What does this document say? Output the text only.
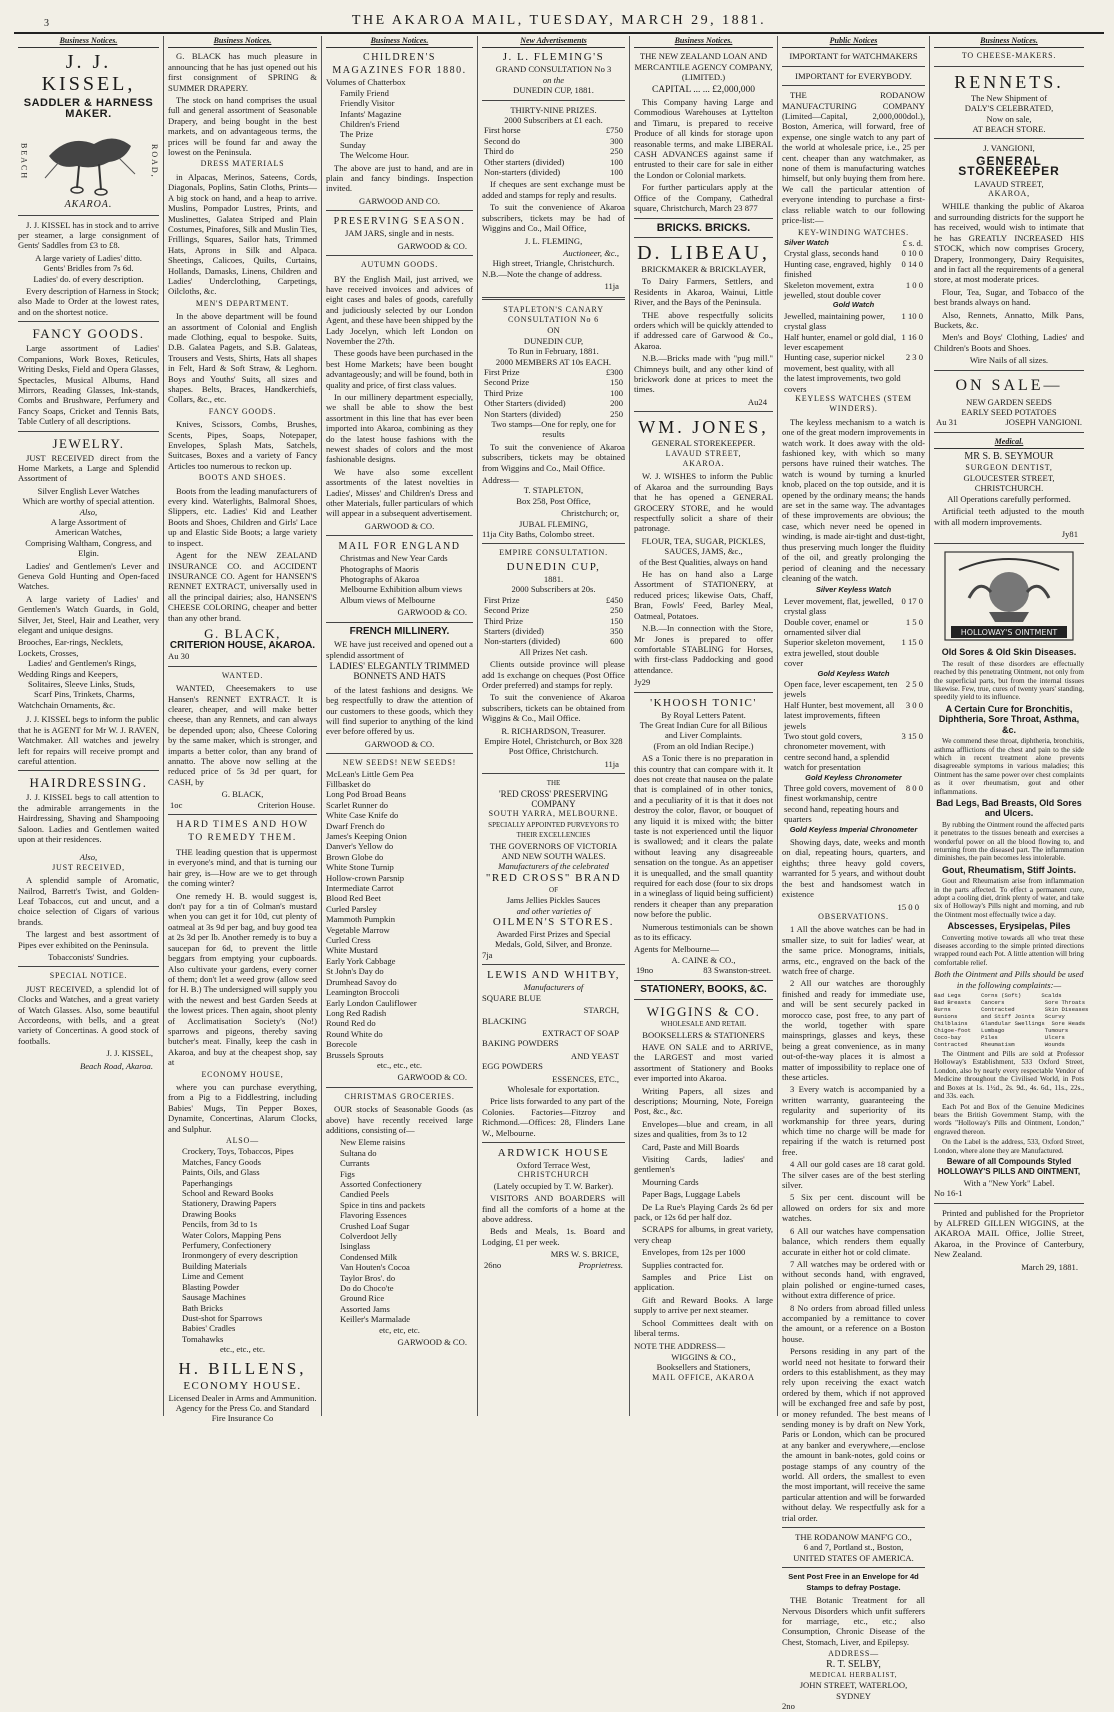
3	THE AKAROA MAIL, TUESDAY, MARCH 29, 1881.
Business Notices.
J. J. KISSEL,
SADDLER & HARNESS MAKER.
BEACH	ROAD,
AKAROA.

J. J. KISSEL has in stock and to arrive per steamer, a large consignment of Gents' Saddles from £3 to £8.

A large variety of Ladies' ditto.

Gents' Bridles from 7s 6d.

Ladies' do. of every description.

Every description of Harness in Stock; also Made to Order at the lowest rates, and on the shortest notice.

FANCY GOODS.

Large assortment of Ladies' Companions, Work Boxes, Reticules, Writing Desks, Field and Opera Glasses, Spectacles, Musical Albums, Hand Mirrors, Reading Glasses, Ink-stands, Combs and Brushware, Perfumery and Fancy Soaps, Cricket and Tennis Bats, Table Cutlery of all descriptions.

JEWELRY.

JUST RECEIVED direct from the Home Markets, a Large and Splendid Assortment of

Silver English Lever Watches

Which are worthy of special attention.

Also,

A large Assortment of

American Watches,

Comprising Waltham, Congress, and Elgin.

Ladies' and Gentlemen's Lever and Geneva Gold Hunting and Open-faced Watches.

A large variety of Ladies' and Gentlemen's Watch Guards, in Gold, Silver, Jet, Steel, Hair and Leather, very elegant and unique designs.

Brooches, Ear-rings, Necklets,

Lockets, Crosses,

Ladies' and Gentlemen's Rings,

Wedding Rings and Keepers,

Solitaires, Sleeve Links, Studs,

Scarf Pins, Trinkets, Charms,

Watchchain Ornaments, &c.

J. J. KISSEL begs to inform the public that he is AGENT for Mr W. J. RAVEN, Watchmaker. All watches and jewelry left for repairs will receive prompt and careful attention.

HAIRDRESSING.

J. J. KISSEL begs to call attention to the admirable arrangements in the Hairdressing, Shaving and Shampooing Saloon. Ladies and Gentlemen waited upon at their residences.

Also,

JUST RECEIVED,

A splendid sample of Aromatic, Nailrod, Barrett's Twist, and Golden-Leaf Tobaccos, cut and uncut, and a choice selection of Cigars of various brands.

The largest and best assortment of Pipes ever exhibited on the Peninsula.

Tobacconists' Sundries.

SPECIAL NOTICE.

JUST RECEIVED, a splendid lot of Clocks and Watches, and a great variety of Watch Glasses. Also, some beautiful Accordeons, with bells, and a great variety of Concertinas. A good stock of footballs.

J. J. KISSEL,

Beach Road, Akaroa.

Business Notices.

G. BLACK has much pleasure in announcing that he has just opened out his first consignment of SPRING & SUMMER DRAPERY.

The stock on hand comprises the usual full and general assortment of Seasonable Drapery, and being bought in the best markets, and on advantageous terms, the prices will be found far and away the lowest on the Peninsula.

DRESS MATERIALS

in Alpacas, Merinos, Sateens, Cords, Diagonals, Poplins, Satin Cloths, Prints—A big stock on hand, and a heap to arrive. Muslins, Pompador Lustres, Prints, and Muslinettes, Galatea Striped and Plain Costumes, Pinafores, Silk and Muslin Ties, Frillings, Squares, Sailor hats, Trimmed Hats, Aprons in Silk and Alpaca. Sheetings, Calicoes, Quilts, Curtains, Hollands, Damasks, Linens, Children and Ladies' Underclothing, Carpetings, Oilcloths, &c.

MEN'S DEPARTMENT.

In the above department will be found an assortment of Colonial and English made Clothing, equal to bespoke. Suits, D.B. Galatea Pagets, and S.B. Galateas, Trousers and Vests, Shirts, Hats all shapes in Felt, Hard & Soft Straw, & Leghorn. Boys and Youths' Suits, all sizes and shapes. Belts, Braces, Handkerchiefs, Collars, &c., etc.

FANCY GOODS.

Knives, Scissors, Combs, Brushes, Scents, Pipes, Soaps, Notepaper, Envelopes, Splash Mats, Satchels, Suitcases, Boxes and a variety of Fancy Articles too numerous to reckon up.

BOOTS AND SHOES.

Boots from the leading manufacturers of every kind. Waterlights, Balmoral Shoes, Slippers, etc. Ladies' Kid and Leather Boots and Shoes, Children and Girls' Lace up and Elastic Side Boots; a large variety to inspect.

Agent for the NEW ZEALAND INSURANCE CO. and ACCIDENT INSURANCE CO. Agent for HANSEN'S RENNET EXTRACT, universally used in all the principal dairies; also, HANSEN'S CHEESE COLORING, cheaper and better than any other brand.

G. BLACK,
CRITERION HOUSE, AKAROA.

Au 30

WANTED.

WANTED, Cheesemakers to use Hansen's RENNET EXTRACT. It is clearer, cheaper, and will make better cheese, than any Rennets, and can always be depended upon; also, Cheese Coloring by the same maker, which is stronger, and imparts a better color, than any brand of annatto. The above now selling at the reduced price of 5s 3d per quart, for CASH, by

G. BLACK,

1oc	Criterion House.
HARD TIMES AND HOW TO REMEDY THEM.

THE leading question that is uppermost in everyone's mind, and that is turning our hair grey, is—How are we to get through the coming winter?

One remedy H. B. would suggest is, don't pay for a tin of Colman's mustard when you can get it for 10d, cut plenty of oatmeal at 3s 9d per bag, and buy good tea at 2s 3d per lb. Another remedy is to buy a saucepan for 6d, to prevent the little beggars from emptying your cupboards. Also cultivate your gardens, every corner of them; don't let a weed grow (allow seed for H. B.) The undersigned will supply you with the newest and best Garden Seeds at the lowest prices. Then again, shoot plenty of Acclimatisation Society's (No!) sparrows and pigeons, thereby saving butcher's meat. Finally, keep the cash in Akaroa, and buy at the cheapest shop, say at

ECONOMY HOUSE,

where you can purchase everything, from a Pig to a Fiddlestring, including Babies' Mugs, Tin Pepper Boxes, Dynamite, Concertinas, Alarum Clocks, and Sulphur.

ALSO—

Crockery, Toys, Tobaccos, Pipes
Matches, Fancy Goods
Paints, Oils, and Glass
Paperhangings
School and Reward Books
Stationery, Drawing Papers
Drawing Books
Pencils, from 3d to 1s
Water Colors, Mapping Pens
Perfumery, Confectionery
Ironmongery of every description
Building Materials
Lime and Cement
Blasting Powder
Sausage Machines
Bath Bricks
Dust-shot for Sparrows
Babies' Cradles
Tomahawks

etc., etc., etc.

H. BILLENS,
ECONOMY HOUSE.

Licensed Dealer in Arms and Ammunition.

Agency for the Press Co. and Standard Fire Insurance Co

Business Notices.
CHILDREN'S MAGAZINES FOR 1880.

Volumes of Chatterbox

Family Friend
Friendly Visitor
Infants' Magazine
Children's Friend
The Prize
Sunday
The Welcome Hour.

The above are just to hand, and are in plain and fancy bindings. Inspection invited.

GARWOOD AND CO.

PRESERVING SEASON.

JAM JARS, single and in nests.

GARWOOD & CO.

AUTUMN GOODS.

BY the English Mail, just arrived, we have received invoices and advices of eight cases and bales of goods, carefully and judiciously selected by our London Agent, and these have been shipped by the Lady Jocelyn, which left London on November the 27th.

These goods have been purchased in the best Home Markets; have been bought advantageously; and will be found, both in quality and price, of first class values.

In our millinery department especially, we shall be able to show the best assortment in this line that has ever been imported into Akaroa, combining as they do the latest house fashions with the newest shades of colors and the most fashionable designs.

We have also some excellent assortments of the latest novelties in Ladies', Misses' and Children's Dress and other Materials, fuller particulars of which will appear in a subsequent advertisement.

GARWOOD & CO.

MAIL FOR ENGLAND
Christmas and New Year Cards
Photographs of Maoris
Photographs of Akaroa
Melbourne Exhibition album views
Album views of Melbourne

GARWOOD & CO.

FRENCH MILLINERY.

WE have just received and opened out a splendid assortment of

LADIES' ELEGANTLY TRIMMED BONNETS AND HATS

of the latest fashions and designs. We beg respectfully to draw the attention of our customers to these goods, which they will find superior to anything of the kind ever before offered by us.

GARWOOD & CO.

NEW SEEDS! NEW SEEDS!
McLean's Little Gem Pea
Fillbasket do
Long Pod Broad Beans
Scarlet Runner do
White Case Knife do
Dwarf French do
James's Keeping Onion
Danver's Yellow do
Brown Globe do
White Stone Turnip
Hollow-crown Parsnip
Intermediate Carrot
Blood Red Beet
Curled Parsley
Mammoth Pumpkin
Vegetable Marrow
Curled Cress
White Mustard
Early York Cabbage
St John's Day do
Drumhead Savoy do
Leamington Broccoli
Early London Cauliflower
Long Red Radish
Round Red do
Round White do
Borecole
Brussels Sprouts

etc., etc., etc.

GARWOOD & CO.

CHRISTMAS GROCERIES.

OUR stocks of Seasonable Goods (as above) have recently received large additions, consisting of—

New Eleme raisins
Sultana do
Currants
Figs
Assorted Confectionery
Candied Peels
Spice in tins and packets
Flavoring Essences
Crushed Loaf Sugar
Colverdoot Jelly
Isinglass
Condensed Milk
Van Houten's Cocoa
Taylor Bros'. do
Do do Choco'te
Ground Rice
Assorted Jams
Keiller's Marmalade

etc, etc, etc.

GARWOOD & CO.

New Advertisements
J. L. FLEMING'S

GRAND CONSULTATION No 3

on the

DUNEDIN CUP, 1881.

THIRTY-NINE PRIZES.

2000 Subscribers at £1 each.

First horse	£750
Second do	300
Third do	250
Other starters (divided)	100
Non-starters (divided)	100

If cheques are sent exchange must be added and stamps for reply and results.

To suit the convenience of Akaroa subscribers, tickets may be had of Wiggins and Co., Mail Office,

J. L. FLEMING,

Auctioneer, &c.,

High street, Triangle, Christchurch.

N.B.—Note the change of address.

11ja

STAPLETON'S CANARY CONSULTATION No 6

ON

DUNEDIN CUP,

To Run in February, 1881.

2000 MEMBERS AT 10s EACH.

First Prize	£300
Second Prize	150
Third Prize	100
Other Starters (divided)	200
Non Starters (divided)	250

Two stamps—One for reply, one for results

To suit the convenience of Akaroa subscribers, tickets may be obtained from Wiggins and Co., Mail Office.

Address—

T. STAPLETON,

Box 258, Post Office,

Christchurch; or,

JUBAL FLEMING,

11ja City Baths, Colombo street.

EMPIRE CONSULTATION.
DUNEDIN CUP,

1881.

2000 Subscribers at 20s.

First Prize	£450
Second Prize	250
Third Prize	150
Starters (divided)	350
Non-starters (divided)	600

All Prizes Net cash.

Clients outside province will please add 1s exchange on cheques (Post Office Order preferred) and stamps for reply.

To suit the convenience of Akaroa subscribers, tickets can be obtained from Wiggins & Co., Mail Office.

R. RICHARDSON, Treasurer.

Empire Hotel, Christchurch, or Box 328 Post Office, Christchurch.

11ja

THE

'RED CROSS' PRESERVING COMPANY

SOUTH YARRA, MELBOURNE.

SPECIALLY APPOINTED PURVEYORS TO THEIR EXCELLENCIES

THE GOVERNORS OF VICTORIA AND NEW SOUTH WALES.

Manufacturers of the celebrated

"RED CROSS" BRAND

OF

Jams Jellies Pickles Sauces

and other varieties of

OILMEN'S STORES.

Awarded First Prizes and Special Medals, Gold, Silver, and Bronze.

7ja

LEWIS AND WHITBY,

Manufacturers of

SQUARE BLUE

STARCH,

BLACKING

EXTRACT OF SOAP

BAKING POWDERS

AND YEAST

EGG POWDERS

ESSENCES, ETC.,

Wholesale for exportation.

Price lists forwarded to any part of the Colonies. Factories—Fitzroy and Richmond.—Offices: 28, Flinders Lane W., Melbourne.

ARDWICK HOUSE

Oxford Terrace West,

CHRISTCHURCH

(Lately occupied by T. W. Barker).

VISITORS AND BOARDERS will find all the comforts of a home at the above address.

Beds and Meals, 1s. Board and Lodging, £1 per week.

MRS W. S. BRICE,

26no	Proprietress.
Business Notices.

THE NEW ZEALAND LOAN AND MERCANTILE AGENCY COMPANY,

(LIMITED.)

CAPITAL ... ... £2,000,000

This Company having Large and Commodious Warehouses at Lyttelton and Timaru, is prepared to receive Produce of all kinds for storage upon reasonable terms, and make LIBERAL CASH ADVANCES against same if entrusted to their care for sale in either the London or Colonial markets.

For further particulars apply at the Office of the Company, Cathedral square, Christchurch, March 23 877

BRICKS. BRICKS.
D. LIBEAU,

BRICKMAKER & BRICKLAYER,

To Dairy Farmers, Settlers, and Residents in Akaroa, Wainui, Little River, and the Bays of the Peninsula.

THE above respectfully solicits orders which will be quickly attended to if addressed care of Garwood & Co., Akaroa.

N.B.—Bricks made with "pug mill." Chimneys built, and any other kind of brickwork done at prices to meet the times.

Au24

WM. JONES,

GENERAL STOREKEEPER.

LAVAUD STREET,

AKAROA.

W. J. WISHES to inform the Public of Akaroa and the surrounding Bays that he has opened a GENERAL GROCERY STORE, and he would respectfully solicit a share of their patronage.

FLOUR, TEA, SUGAR, PICKLES, SAUCES, JAMS, &c.,

of the Best Qualities, always on hand

He has on hand also a Large Assortment of STATIONERY, at reduced prices; likewise Oats, Chaff, Bran, Fowls' Feed, Barley Meal, Oatmeal, Potatoes.

N.B.—In connection with the Store, Mr Jones is prepared to offer comfortable STABLING for Horses, with first-class Paddocking and good attendance.

Jy29

'KHOOSH TONIC'

By Royal Letters Patent.

The Great Indian Cure for all Bilious and Liver Complaints.

(From an old Indian Recipe.)

AS a Tonic there is no preparation in this country that can compare with it. It does not create that nausea on the palate that is complained of in other tonics, and a peculiarity of it is that it does not destroy the color, flavor, or bouquet of any liquid it is mixed with; the bitter taste is not experienced until the liquor is swallowed; and it clears the palate without leaving any disagreeable sensation on the tongue. As an appetiser it is unequalled, and the small quantity required for each dose (four to six drops in a wineglass of liquid being sufficient) renders it cheaper than any preparation now before the public.

Numerous testimonials can be shown as to its efficacy.

Agents for Melbourne—

A. CAINE & CO.,

19no	83 Swanston-street.
STATIONERY, BOOKS, &C.
WIGGINS & CO.

WHOLESALE AND RETAIL

BOOKSELLERS & STATIONERS

HAVE ON SALE and to ARRIVE, the LARGEST and most varied assortment of Stationery and Books ever imported into Akaroa.

Writing Papers, all sizes and descriptions; Mourning, Note, Foreign Post, &c., &c.
Envelopes—blue and cream, in all sizes and qualities, from 3s to 12
Card, Paste and Mill Boards
Visiting Cards, ladies' and gentlemen's
Mourning Cards
Paper Bags, Luggage Labels
De La Rue's Playing Cards 2s 6d per pack, or 12s 6d per half doz.
SCRAPS for albums, in great variety, very cheap
Envelopes, from 12s per 1000
Supplies contracted for.
Samples and Price List on application.
Gift and Reward Books. A large supply to arrive per next steamer.
School Committees dealt with on liberal terms.

NOTE THE ADDRESS—

WIGGINS & CO.,

Booksellers and Stationers,

MAIL OFFICE, AKAROA

Public Notices

IMPORTANT for WATCHMAKERS

IMPORTANT for EVERYBODY.

THE RODANOW MANUFACTURING COMPANY (Limited—Capital, 2,000,000dol.), Boston, America, will forward, free of expense, one single watch to any part of the world at wholesale price, i.e., 25 per cent. cheaper than any watchmaker, as none of them is manufacturing watches himself, but only buying them from here. We call the particular attention of everyone intending to purchase a first-class reliable watch to our following price-list:—

KEY-WINDING WATCHES.

Silver Watch	£ s. d.
Crystal glass, seconds hand	0 10 0
Hunting case, engraved, highly finished
0 14 0
Skeleton movement, extra jewelled, stout double cover
1 0 0

Gold Watch

Jewelled, maintaining power, crystal glass
1 10 0
Half hunter, enamel or gold dial, lever escapement
1 16 0
Hunting case, superior nickel movement, best quality, with all the latest improvements, two gold covers
2 3 0

KEYLESS WATCHES (STEM WINDERS).

The keyless mechanism to a watch is one of the great modern improvements in watch work. It does away with the old-fashioned key, with which so many persons have ruined their watches. The watch is wound by turning a knurled knob, placed on the top outside, and it is opened by the ordinary means; the hands are set in the same way. The advantages of these improvements are obvious; the case, which never need be opened in winding, is made air-tight and dust-tight, thus preserving much longer the fluidity of the oil, and greatly prolonging the period of cleaning and the necessary cleaning of the watch.

Silver Keyless Watch

Lever movement, flat, jewelled, crystal glass
0 17 0
Double cover, enamel or ornamented silver dial
1 5 0
Superior skeleton movement, extra jewelled, stout double cover
1 15 0

Gold Keyless Watch

Open face, lever escapement, ten jewels
2 5 0
Half Hunter, best movement, all latest improvements, fifteen jewels
3 0 0
Two stout gold covers, chronometer movement, with centre second hand, a splendid watch for presentation
3 15 0

Gold Keyless Chronometer

Three gold covers, movement of finest workmanship, centre second hand, repeating hours and quarters
8 0 0

Gold Keyless Imperial Chronometer

Showing days, date, weeks and month on dial, repeating hours, quarters, and eighths; three heavy gold covers, warranted for 5 years, and without doubt the best and handsomest watch in existence

15 0 0

OBSERVATIONS.

1 All the above watches can be had in smaller size, to suit for ladies' wear, at the same price. Monograms, initials, arms, etc., engraved on the back of the watch free of charge.
2 All our watches are thoroughly finished and ready for immediate use, and will be sent securely packed in morocco case, post free, to any part of the world, together with spare mainsprings, glasses and keys, these being a great convenience, as in many out-of-the-way places it is almost a matter of impossibility to replace one of these articles.
3 Every watch is accompanied by a written warranty, guaranteeing the regularity and superiority of its workmanship for three years, during which time no charge will be made for repairing if the watch is returned post free.
4 All our gold cases are 18 carat gold. The silver cases are of the best sterling silver.
5 Six per cent. discount will be allowed on orders for six and more watches.
6 All our watches have compensation balance, which renders them equally accurate in either hot or cold climate.
7 All watches may be ordered with or without seconds hand, with engraved, plain polished or engine-turned cases, without extra difference of price.
8 No orders from abroad filled unless accompanied by a remittance to cover the amount, or a reference on a Boston house.

Persons residing in any part of the world need not hesitate to forward their orders to this establishment, as they may rely upon receiving the exact watch ordered by them, which if not approved will be exchanged free and safe by post, or money refunded. The best means of sending money is by draft on New York, Paris or London, which can be procured at any banker and everywhere,—enclose the amount in bank-notes, gold coins or postage stamps of any country of the world. All orders, the smallest to even the most important, will receive the same particular attention and will be forwarded without delay. We respectfully ask for a trial order.

THE RODANOW MANF'G CO.,

6 and 7, Portland st., Boston,

UNITED STATES OF AMERICA.

Sent Post Free in an Envelope for 4d Stamps to defray Postage.

THE Botanic Treatment for all Nervous Disorders which unfit sufferers for marriage, etc., etc.; also Consumption, Chronic Disease of the Chest, Stomach, Liver, and Epilepsy.

ADDRESS—

R. T. SELBY,

MEDICAL HERBALIST,

JOHN STREET, WATERLOO, SYDNEY

2no

Business Notices.

TO CHEESE-MAKERS.

RENNETS.

The New Shipment of

DALY'S CELEBRATED,

Now on sale,

AT BEACH STORE.

J. VANGIONI,

GENERAL STOREKEEPER

LAVAUD STREET,

AKAROA,

WHILE thanking the public of Akaroa and surrounding districts for the support he has received, would wish to intimate that he has GREATLY INCREASED HIS STOCK, which now comprises Grocery, Drapery, Ironmongery, Dairy Requisites, and in fact all the requirements of a general store, at most moderate prices.

Flour, Tea, Sugar, and Tobacco of the best brands always on hand.

Also, Rennets, Annatto, Milk Pans, Buckets, &c.

Men's and Boys' Clothing, Ladies' and Children's Boots and Shoes.

Wire Nails of all sizes.

ON SALE—

NEW GARDEN SEEDS

EARLY SEED POTATOES

Au 31	JOSEPH VANGIONI.
Medical.

MR S. B. SEYMOUR

SURGEON DENTIST,

GLOUCESTER STREET,

CHRISTCHURCH.

All Operations carefully performed.

Artificial teeth adjusted to the mouth with all modern improvements.

Jy81

HOLLOWAY'S OINTMENT

Old Sores & Old Skin Diseases.

The result of these disorders are effectually reached by this penetrating Ointment, not only from the superficial parts, but from the internal tissues likewise. Few, true, cures of twenty years' standing, speedily yield to its influence.

A Certain Cure for Bronchitis, Diphtheria, Sore Throat, Asthma, &c.

We commend these throat, diphtheria, bronchitis, asthma afflictions of the chest and pain to the side which in recent treatment alone prevents disagreeable symptoms in various maladies; this Ointment has the same power over chest complaints as it over rheumatism, gout and other inflammations.

Bad Legs, Bad Breasts, Old Sores and Ulcers.

By rubbing the Ointment round the affected parts it penetrates to the tissues beneath and exercises a wonderful power on all the blood flowing to, and returning from the diseased part. The inflammation diminishes, the pain becomes less intolerable.

Gout, Rheumatism, Stiff Joints.

Gout and Rheumatism arise from inflammation in the parts affected. To effect a permanent cure, adopt a cooling diet, drink plenty of water, and take six of Holloway's Pills night and morning, and rub the Ointment most effectually twice a day.

Abscesses, Erysipelas, Piles

Converting motive towards all who treat these diseases according to the simple printed directions wrapped round each Pot. A little attention will bring comfortable relief.

Both the Ointment and Pills should be used in the following complaints:—

Bad Legs      Corns (Soft)      Scalds
Bad Breasts   Cancers            Sore Throats
Burns         Contracted         Skin Diseases
Bunions       and Stiff Joints   Scurvy
Chilblains    Glandular Swellings  Sore Heads
Chigoe-foot   Lumbago            Tumours
Coco-bay      Piles              Ulcers
Contracted    Rheumatism         Wounds

The Ointment and Pills are sold at Professor Holloway's Establishment, 533 Oxford Street, London, also by nearly every respectable Vendor of Medicine throughout the Civilised World, in Pots and Boxes at 1s. 1½d., 2s. 9d., 4s. 6d., 11s., 22s., and 33s. each.

Each Pot and Box of the Genuine Medicines bears the British Government Stamp, with the words "Holloway's Pills and Ointment, London," engraved thereon.

On the Label is the address, 533, Oxford Street, London, where alone they are Manufactured.

Beware of all Compounds Styled

HOLLOWAY'S PILLS AND OINTMENT,

With a "New York" Label.

No 16-1

Printed and published for the Proprietor by ALFRED GILLEN WIGGINS, at the AKAROA MAIL Office, Jollie Street, Akaroa, in the Province of Canterbury, New Zealand.

March 29, 1881.
